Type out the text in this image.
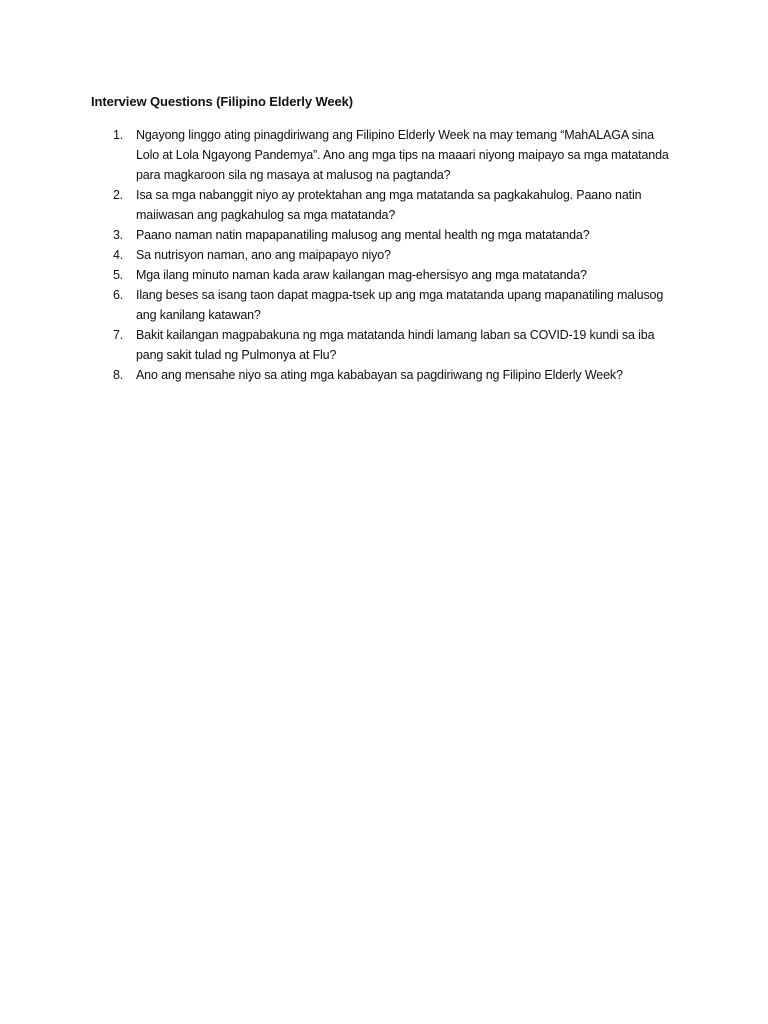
Interview Questions (Filipino Elderly Week)
1. Ngayong linggo ating pinagdiriwang ang Filipino Elderly Week na may temang “MahALAGA sina Lolo at Lola Ngayong Pandemya”. Ano ang mga tips na maaari niyong maipayo sa mga matatanda para magkaroon sila ng masaya at malusog na pagtanda?
2. Isa sa mga nabanggit niyo ay protektahan ang mga matatanda sa pagkakahulog. Paano natin maiiwasan ang pagkahulog sa mga matatanda?
3. Paano naman natin mapapanatiling malusog ang mental health ng mga matatanda?
4. Sa nutrisyon naman, ano ang maipapayo niyo?
5. Mga ilang minuto naman kada araw kailangan mag-ehersisyo ang mga matatanda?
6. Ilang beses sa isang taon dapat magpa-tsek up ang mga matatanda upang mapanatiling malusog ang kanilang katawan?
7. Bakit kailangan magpabakuna ng mga matatanda hindi lamang laban sa COVID-19 kundi sa iba pang sakit tulad ng Pulmonya at Flu?
8. Ano ang mensahe niyo sa ating mga kababayan sa pagdiriwang ng Filipino Elderly Week?
